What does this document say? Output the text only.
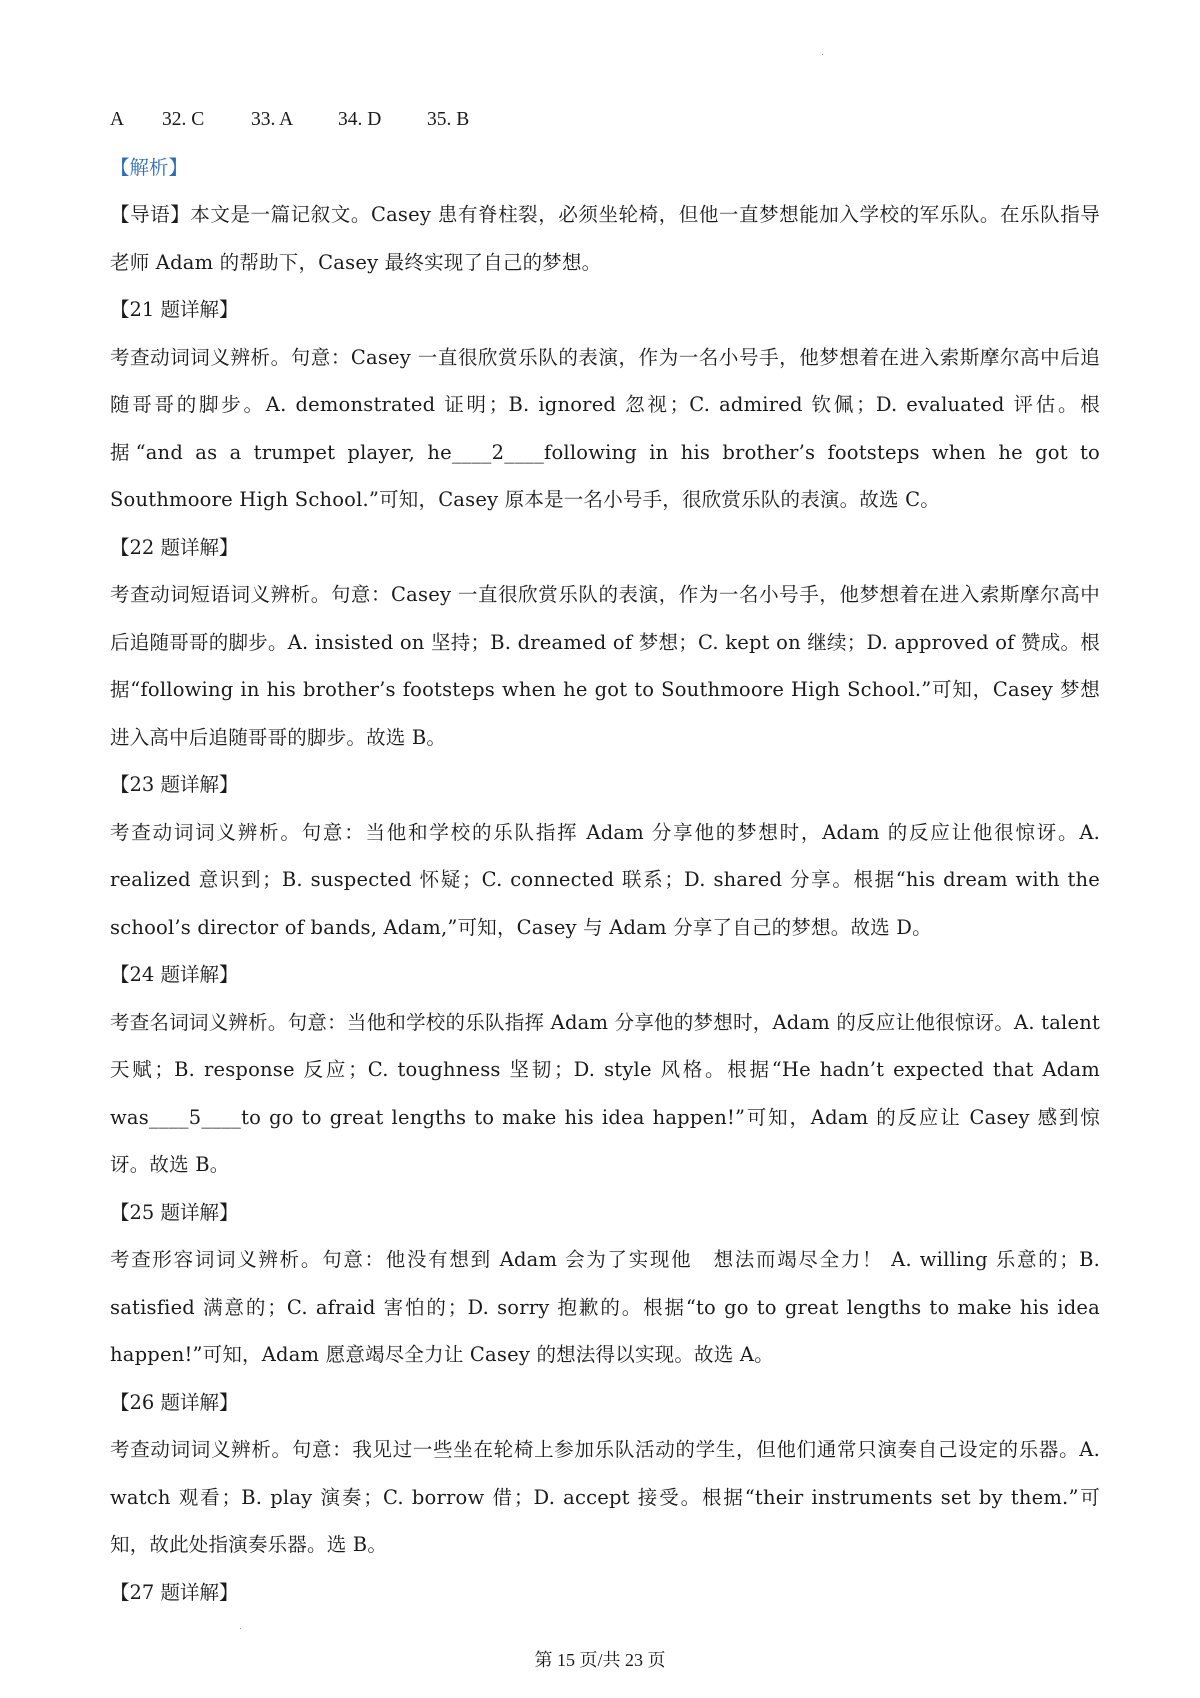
A	32. C	33. A	34. D	35. B
【解析】

【导语】本文是一篇记叙文。Casey 患有脊柱裂，必须坐轮椅，但他一直梦想能加入学校的军乐队。在乐队指导老师 Adam 的帮助下，Casey 最终实现了自己的梦想。

【21 题详解】

考查动词词义辨析。句意：Casey 一直很欣赏乐队的表演，作为一名小号手，他梦想着在进入索斯摩尔高中后追随哥哥的脚步。A. demonstrated 证明；B. ignored 忽视；C. admired 钦佩；D. evaluated 评估。根据“and as a trumpet player, he____2____following in his brother’s footsteps when he got to Southmoore High School.”可知，Casey 原本是一名小号手，很欣赏乐队的表演。故选 C。

【22 题详解】

考查动词短语词义辨析。句意：Casey 一直很欣赏乐队的表演，作为一名小号手，他梦想着在进入索斯摩尔高中后追随哥哥的脚步。A. insisted on 坚持；B. dreamed of 梦想；C. kept on 继续；D. approved of 赞成。根据“following in his brother’s footsteps when he got to Southmoore High School.”可知，Casey 梦想进入高中后追随哥哥的脚步。故选 B。

【23 题详解】

考查动词词义辨析。句意：当他和学校的乐队指挥 Adam 分享他的梦想时，Adam 的反应让他很惊讶。A. realized 意识到；B. suspected 怀疑；C. connected 联系；D. shared 分享。根据“his dream with the school’s director of bands, Adam,”可知，Casey 与 Adam 分享了自己的梦想。故选 D。

【24 题详解】

考查名词词义辨析。句意：当他和学校的乐队指挥 Adam 分享他的梦想时，Adam 的反应让他很惊讶。A. talent 天赋；B. response 反应；C. toughness 坚韧；D. style 风格。根据“He hadn’t expected that Adam was____5____to go to great lengths to make his idea happen!”可知，Adam 的反应让 Casey 感到惊讶。故选 B。

【25 题详解】

考查形容词词义辨析。句意：他没有想到 Adam 会为了实现他　想法而竭尽全力！ A. willing 乐意的；B. satisfied 满意的；C. afraid 害怕的；D. sorry 抱歉的。根据“to go to great lengths to make his idea happen!”可知，Adam 愿意竭尽全力让 Casey 的想法得以实现。故选 A。

【26 题详解】

考查动词词义辨析。句意：我见过一些坐在轮椅上参加乐队活动的学生，但他们通常只演奏自己设定的乐器。A. watch 观看；B. play 演奏；C. borrow 借；D. accept 接受。根据“their instruments set by them.”可知，故此处指演奏乐器。选 B。

【27 题详解】
第 15 页/共 23 页
